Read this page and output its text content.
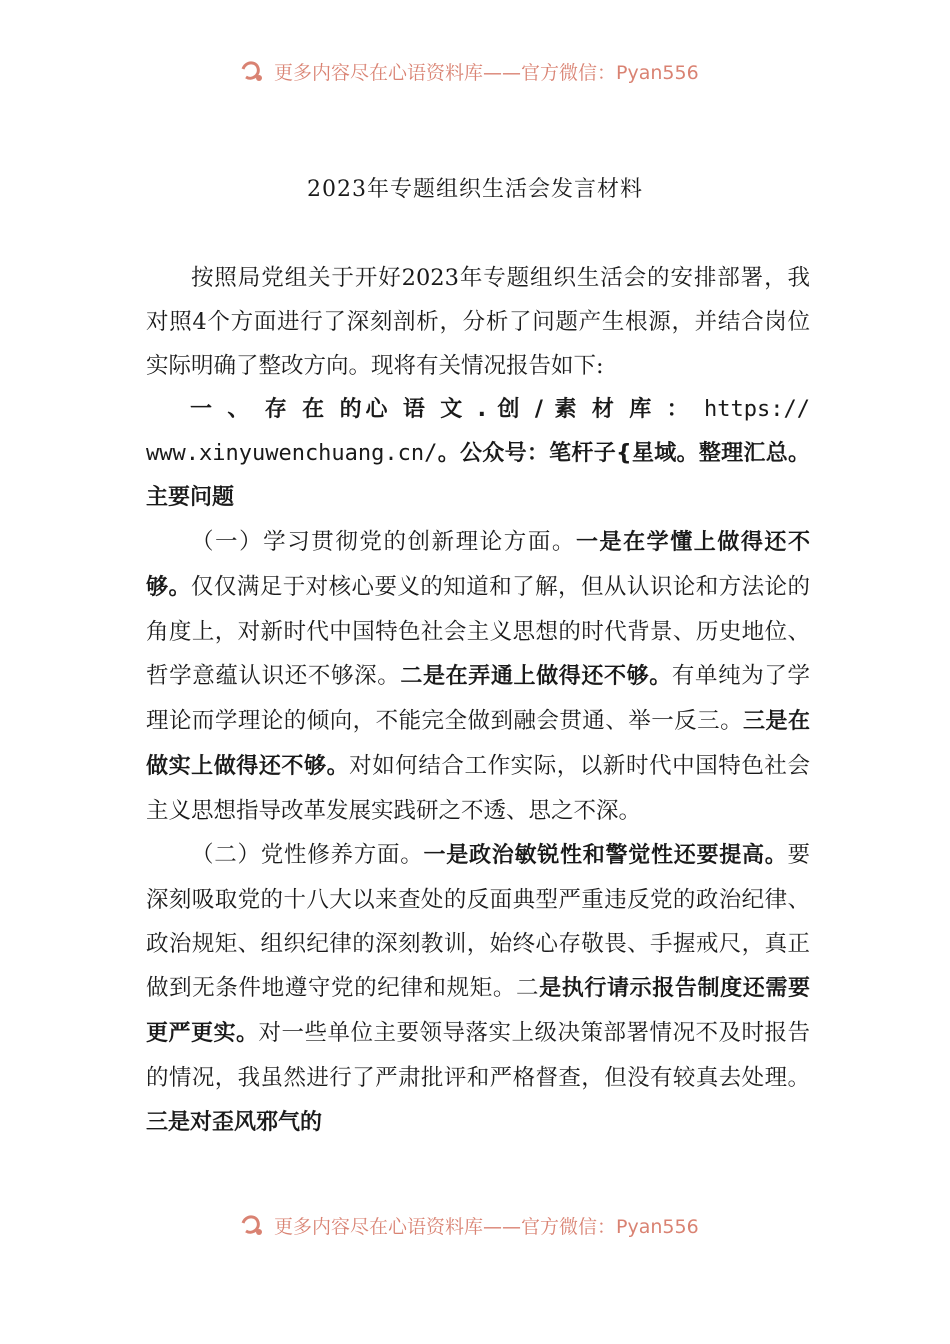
更多内容尽在心语资料库——官方微信：Pyan556
2023年专题组织生活会发言材料

按照局党组关于开好2023年专题组织生活会的安排部署，我对照4个方面进行了深刻剖析，分析了问题产生根源，并结合岗位实际明确了整改方向。现将有关情况报告如下:

一 、 存 在 的心 语 文 . 创 / 素 材 库 ： https:// www.xinyuwenchuang.cn/。公众号：笔杆子{星域。整理汇总。主要问题

（一）学习贯彻党的创新理论方面。一是在学懂上做得还不够。仅仅满足于对核心要义的知道和了解，但从认识论和方法论的角度上，对新时代中国特色社会主义思想的时代背景、历史地位、哲学意蕴认识还不够深。二是在弄通上做得还不够。有单纯为了学理论而学理论的倾向，不能完全做到融会贯通、举一反三。三是在做实上做得还不够。对如何结合工作实际，以新时代中国特色社会主义思想指导改革发展实践研之不透、思之不深。

（二）党性修养方面。一是政治敏锐性和警觉性还要提高。要深刻吸取党的十八大以来查处的反面典型严重违反党的政治纪律、政治规矩、组织纪律的深刻教训，始终心存敬畏、手握戒尺，真正做到无条件地遵守党的纪律和规矩。二是执行请示报告制度还需要更严更实。对一些单位主要领导落实上级决策部署情况不及时报告的情况，我虽然进行了严肃批评和严格督查，但没有较真去处理。三是对歪风邪气的

更多内容尽在心语资料库——官方微信：Pyan556
